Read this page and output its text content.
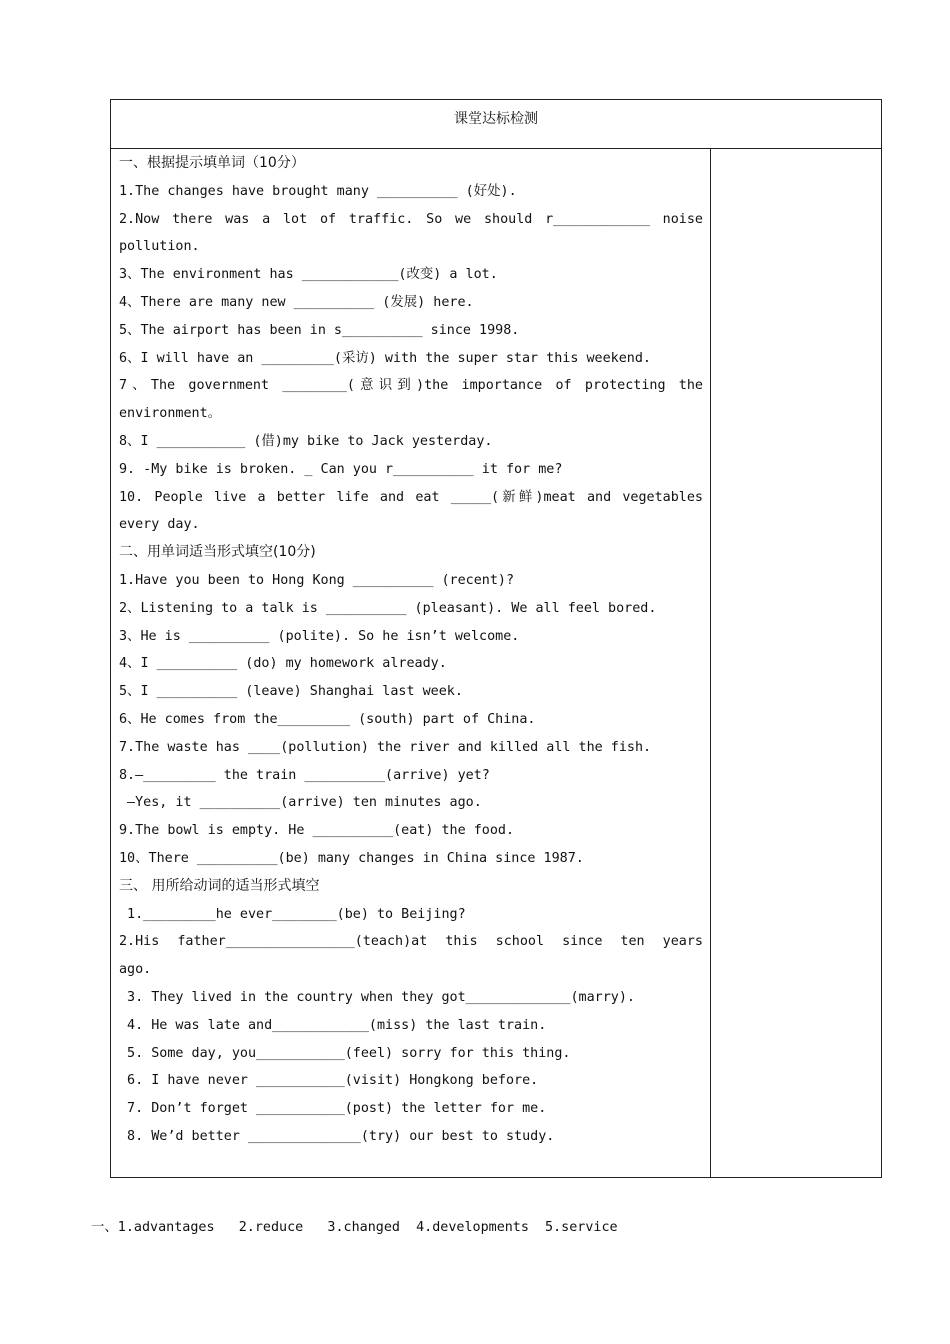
课堂达标检测
一、根据提示填单词（10分）
1.The changes have brought many __________ (好处).
2.Now there was a lot of traffic. So we should r____________ noise
pollution.
3、The environment has ____________(改变) a lot.
4、There are many new __________ (发展) here.
5、The airport has been in s__________ since 1998.
6、I will have an _________(采访) with the super star this weekend.
7、The government ________(意识到)the importance of protecting the
environment。
8、I ___________ (借)my bike to Jack yesterday.
9. -My bike is broken. _ Can you r__________ it for me?
10. People live a better life and eat _____(新鲜)meat and vegetables
every day.
二、用单词适当形式填空(10分)
1.Have you been to Hong Kong __________ (recent)?
2、Listening to a talk is __________ (pleasant). We all feel bored.
3、He is __________ (polite). So he isn’t welcome.
4、I __________ (do) my homework already.
5、I __________ (leave) Shanghai last week.
6、He comes from the_________ (south) part of China.
7.The waste has ____(pollution) the river and killed all the fish.
8.—_________ the train __________(arrive) yet?
—Yes, it __________(arrive) ten minutes ago.
9.The bowl is empty. He __________(eat) the food.
10、There __________(be) many changes in China since 1987.
三、 用所给动词的适当形式填空
1._________he ever________(be) to Beijing?
2.His father________________(teach)at this school since ten years
ago.
3. They lived in the country when they got_____________(marry).
4. He was late and____________(miss) the last train.
5. Some day, you___________(feel) sorry for this thing.
6. I have never ___________(visit) Hongkong before.
7. Don’t forget ___________(post) the letter for me.
8. We’d better ______________(try) our best to study.
一、1.advantages   2.reduce   3.changed  4.developments  5.service
